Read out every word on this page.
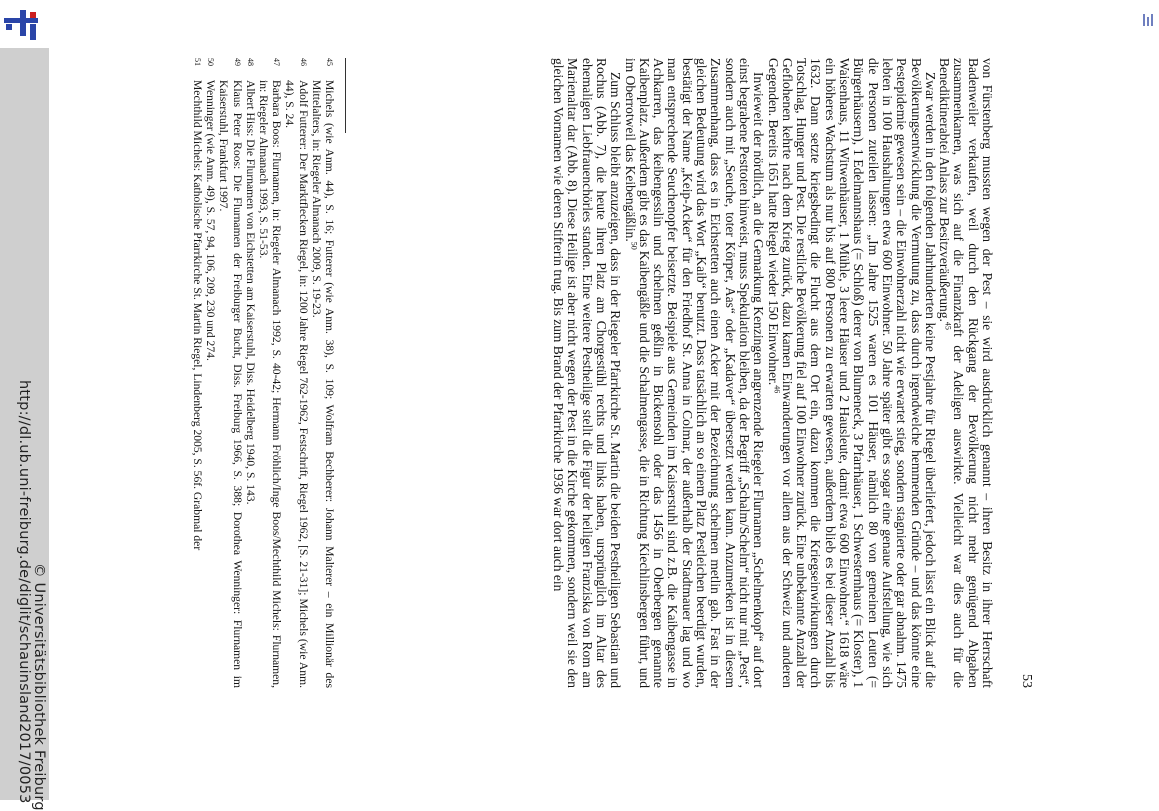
http://dl.ub.uni-freiburg.de/diglit/schauinsland2017/0053 © Universitätsbibliothek Freiburg	53

von Fürstenberg mussten wegen der Pest – sie wird ausdrücklich genannt – ihren Besitz in ihrer Herrschaft Badenweiler verkaufen, weil durch den Rückgang der Bevölkerung nicht mehr genügend Abgaben zusammenkamen, was sich auf die Finanzkraft der Adeligen auswirkte. Vielleicht war dies auch für die Benediktinerabtei Anlass zur Besitzveräußerung.$^{45}$

Zwar werden in den folgenden Jahrhunderten keine Pestjahre für Riegel überliefert, jedoch lässt ein Blick auf die Bevölkerungsentwicklung die Vermutung zu, dass durch irgendwelche hemmenden Gründe – und das könnte eine Pestepidemie gewesen sein – die Einwohnerzahl nicht wie erwartet stieg, sondern stagnierte oder gar abnahm. 1475 lebten in 100 Haushaltungen etwa 600 Einwohner. 50 Jahre später gibt es sogar eine genaue Aufstellung, wie sich die Personen zuteilen lassen: „Im Jahre 1525 waren es 101 Häuser, nämlich 80 von gemeinen Leuten (= Bürgerhäusern), 1 Edelmannshaus (= Schloß) derer von Blumeneck, 3 Pfarrhäuser, 1 Schwesternhaus (= Kloster), 1 Waisenhaus, 11 Witwenhäuser, 1 Mühle, 3 leere Häuser und 2 Hausleute, damit etwa 600 Einwohner.“ 1618 wäre ein höheres Wachstum als nur bis auf 800 Personen zu erwarten gewesen, außerdem blieb es bei dieser Anzahl bis 1632. Dann setzte kriegsbedingt die Flucht aus dem Ort ein, dazu kommen die Kriegseinwirkungen durch Totschlag, Hunger und Pest. Die restliche Bevölkerung fiel auf 100 Einwohner zurück. Eine unbekannte Anzahl der Geflohenen kehrte nach dem Krieg zurück, dazu kamen Einwanderungen vor allem aus der Schweiz und anderen Gegenden. Bereits 1651 hatte Riegel wieder 150 Einwohner.$^{46}$

Inwieweit der nördlich, an die Gemarkung Kenzingen angrenzende Riegeler Flurnamen „Schelmenkopf“ auf dort einst begrabene Pesttoten hinweist, muss Spekulation bleiben, da der Begriff „Schalm/Schelm“ nicht nur mit „Pest“, sondern auch mit „Seuche, toter Körper, Aas“ oder „Kadaver“ übersetzt werden kann. Anzumerken ist in diesem Zusammenhang, dass es in Eichstetten auch einen Acker mit der Bezeichnung schelmen metlin gab. Fast in der gleichen Bedeutung wird das Wort „Kaib“ benutzt. Dass tatsächlich an so einem Platz Pestleichen beerdigt wurden, bestätigt der Name „Keip-Acker“ für den Friedhof St. Anna in Colmar, der außerhalb der Stadtmauer lag und wo man entsprechende Seuchenopfer beisetzte. Beispiele aus Gemeinden im Kaiserstuhl sind z.B. die Kaibengasse in Achkarren, das keibengesslin und schelmen geßlin in Bickensohl oder das 1456 in Oberbergen genannte Kaibenplatz. Außerdem gibt es das Kaibengäßle und die Schalmengasse, die in Richtung Kiechlinsbergen führt, und im Oberrotweil das Keibengäßlin.$^{50}$

Zum Schluss bleibt anzuzeigen, dass in der Riegeler Pfarrkirche St. Martin die beiden Pestheiligen Sebastian und Rochus (Abb. 7), die heute ihren Platz am Chorgestühl rechts und links haben, ursprünglich im Altar des ehemaligen Liebfrauenchörles standen. Eine weitere Pestheilige stellt die Figur der heiligen Franziska von Rom am Marienaltar dar (Abb. 8). Diese Heilige ist aber nicht wegen der Pest in die Kirche gekommen, sondern weil sie den gleichen Vornamen wie deren Stifterin trug. Bis zum Brand der Pfarrkirche 1936 war dort auch ein

45
Michels (wie Anm. 44), S. 16; Futterer (wie Anm. 38), S. 109; Wolfram Bechberer: Johann Malterer – ein Millionär des Mittelalters, in: Riegeler Almanach 2009, S. 19-23.
46
Adolf Futterer: Der Marktflecken Riegel, in: 1200 Jahre Riegel 762-1962, Festschrift, Riegel 1962, [S. 21-31]; Michels (wie Anm. 44), S. 24.
47
Barbara Boos: Flurnamen, in: Riegeler Almanach 1992, S. 40-42; Hermann Fröhlich/Inge Boos/Mechthild Michels: Flurnamen, in: Riegeler Almanach 1993, S. 51-53.
48
Albert Hiss: Die Flurnamen von Eichstetten am Kaiserstuhl, Diss. Heidelberg 1940, S. 143.
49
Klaus Peter Roos: Die Flurnamen der Freiburger Bucht, Diss. Freiburg 1966, S. 388; Dorothea Wenninger: Flurnamen im Kaiserstuhl, Frankfurt 1997.
50
Wenninger (wie Anm. 49), S. 57, 94, 106, 209, 230 und 274.
51
Mechthild Michels: Katholische Pfarrkirche St. Martin Riegel, Lindenberg 2005, S. 56f. Grabmal der
